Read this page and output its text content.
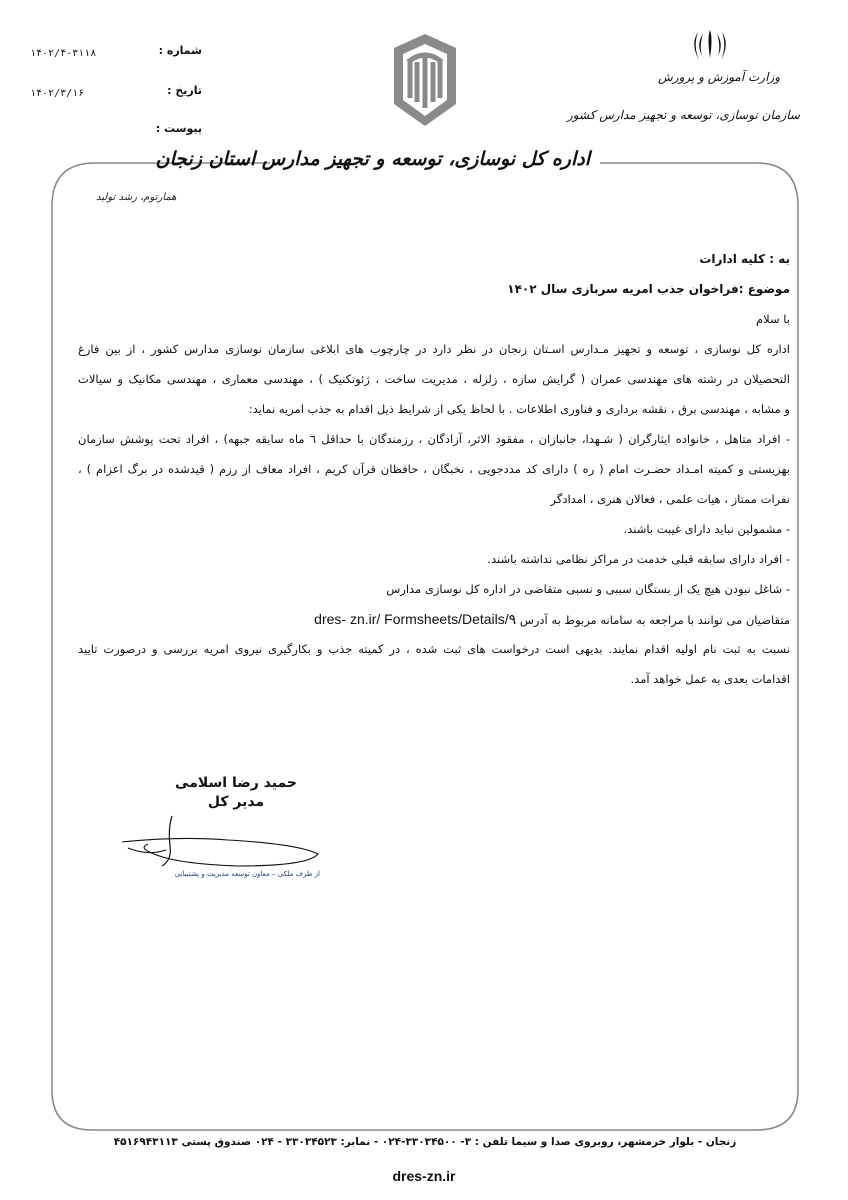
شماره :
۱۴۰۲/۴-۳۱۱۸
تاریخ :
۱۴۰۲/۳/۱۶
پیوست :
اداره کل نوسازی، توسعه و تجهیز مدارس استان زنجان
وزارت آموزش و پرورش
سازمان نوسازی، توسعه و تجهیز مدارس کشور
همارتوم، رشد تولید
به : کلیه ادارات
موضوع :فراخوان جذب امریه سربازی سال ۱۴۰۲
با سلام
اداره کل نوسازی ، توسعه و تجهیز مـدارس اسـتان زنجان در نظر دارد در چارچوب های ابلاغی سازمان نوسازی مدارس کشور ، از بین فارغ
التحصیلان در رشته های مهندسی عمران ( گرایش سازه ، زلزله ، مدیریت ساخت ، ژئوتکنیک ) ، مهندسی معماری ، مهندسی مکانیک و سیالات
و مشابه ، مهندسی برق ، نقشه برداری و فناوری اطلاعات . با لحاظ یکی از شرایط ذیل اقدام به جذب امریه نماید:
- افراد متاهل ، خانواده ایثارگران ( شـهدا، جانبازان ، مفقود الاثر، آزادگان ، رزمندگان با حداقل ٦ ماه سابقه جبهه) ، افراد تحت پوشش سازمان
بهزیستی و کمیته امـداد حضـرت امام ( ره ) دارای کد مددجویی ، نخبگان ، حافظان قرآن کریم ، افراد معاف از رزم ( قیدشده در برگ اعزام ) ،
نفرات ممتاز ، هیات علمی ، فعالان هنری ، امدادگر
- مشمولین نباید دارای غیبت باشند.
- افراد دارای سابقه قبلی خدمت در مراکز نظامی نداشته باشند.
- شاغل نبودن هیچ یک از بستگان سببی و نسبی متقاضی در اداره کل نوسازی مدارس
متقاضیان می توانند با مراجعه به سامانه مربوط به آدرس dres- zn.ir/ Formsheets/Details/۹
نسبت به ثبت نام اولیه اقدام نمایند. بدیهی است درخواست های ثبت شده ، در کمیته جذب و بکارگیری نیروی امریه بررسی و درصورت تایید
اقدامات بعدی به عمل خواهد آمد.
حمید رضا اسلامی
مدیر کل
از طرف ملکی – معاون توسعه مدیریت و پشتیبانی
زنجان - بلوار خرمشهر، روبروی صدا و سیما تلفن : ۳- ۳۳۰۳۴۵۰۰-۰۲۴ - نمابر: ۳۳۰۳۴۵۲۳ - ۰۲۴ صندوق پستی ۴۵۱۶۹۴۳۱۱۳
dres-zn.ir
